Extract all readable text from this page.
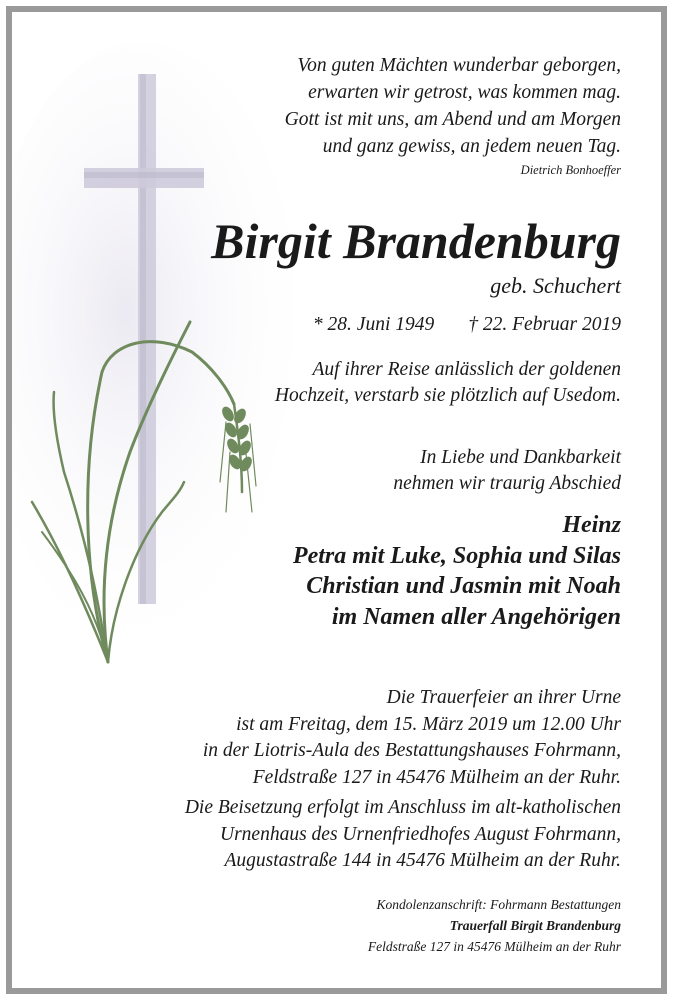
Von guten Mächten wunderbar geborgen,
erwarten wir getrost, was kommen mag.
Gott ist mit uns, am Abend und am Morgen
und ganz gewiss, an jedem neuen Tag.
Dietrich Bonhoeffer
Birgit Brandenburg
geb. Schuchert
* 28. Juni 1949 † 22. Februar 2019
Auf ihrer Reise anlässlich der goldenen
Hochzeit, verstarb sie plötzlich auf Usedom.
In Liebe und Dankbarkeit
nehmen wir traurig Abschied
Heinz
Petra mit Luke, Sophia und Silas
Christian und Jasmin mit Noah
im Namen aller Angehörigen
Die Trauerfeier an ihrer Urne
ist am Freitag, dem 15. März 2019 um 12.00 Uhr
in der Liotris-Aula des Bestattungshauses Fohrmann,
Feldstraße 127 in 45476 Mülheim an der Ruhr.
Die Beisetzung erfolgt im Anschluss im alt-katholischen
Urnenhaus des Urnenfriedhofes August Fohrmann,
Augustastraße 144 in 45476 Mülheim an der Ruhr.
Kondolenzanschrift: Fohrmann Bestattungen
Trauerfall Birgit Brandenburg
Feldstraße 127 in 45476 Mülheim an der Ruhr
